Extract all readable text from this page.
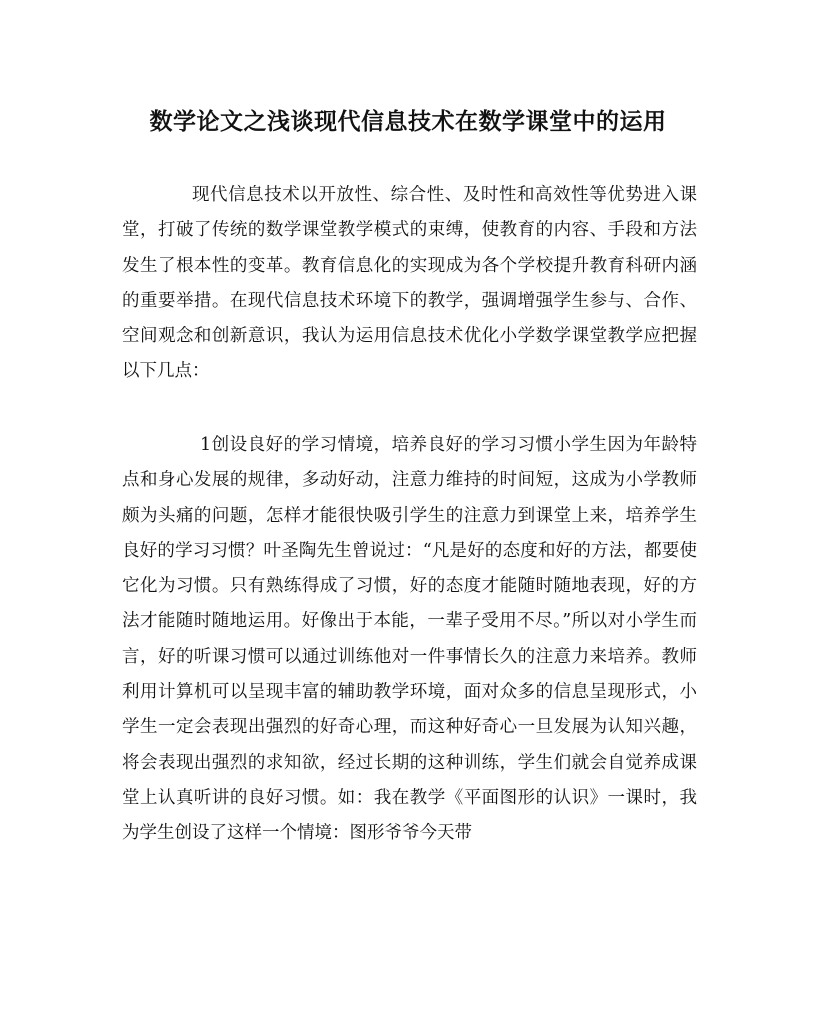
数学论文之浅谈现代信息技术在数学课堂中的运用

现代信息技术以开放性、综合性、及时性和高效性等优势进入课堂，打破了传统的数学课堂教学模式的束缚，使教育的内容、手段和方法发生了根本性的变革。教育信息化的实现成为各个学校提升教育科研内涵的重要举措。在现代信息技术环境下的教学，强调增强学生参与、合作、空间观念和创新意识，我认为运用信息技术优化小学数学课堂教学应把握以下几点：

1创设良好的学习情境，培养良好的学习习惯小学生因为年龄特点和身心发展的规律，多动好动，注意力维持的时间短，这成为小学教师颇为头痛的问题，怎样才能很快吸引学生的注意力到课堂上来，培养学生良好的学习习惯？叶圣陶先生曾说过：“凡是好的态度和好的方法，都要使它化为习惯。只有熟练得成了习惯，好的态度才能随时随地表现，好的方法才能随时随地运用。好像出于本能，一辈子受用不尽。”所以对小学生而言，好的听课习惯可以通过训练他对一件事情长久的注意力来培养。教师利用计算机可以呈现丰富的辅助教学环境，面对众多的信息呈现形式，小学生一定会表现出强烈的好奇心理，而这种好奇心一旦发展为认知兴趣，将会表现出强烈的求知欲，经过长期的这种训练，学生们就会自觉养成课堂上认真听讲的良好习惯。如：我在教学《平面图形的认识》一课时，我为学生创设了这样一个情境：图形爷爷今天带
